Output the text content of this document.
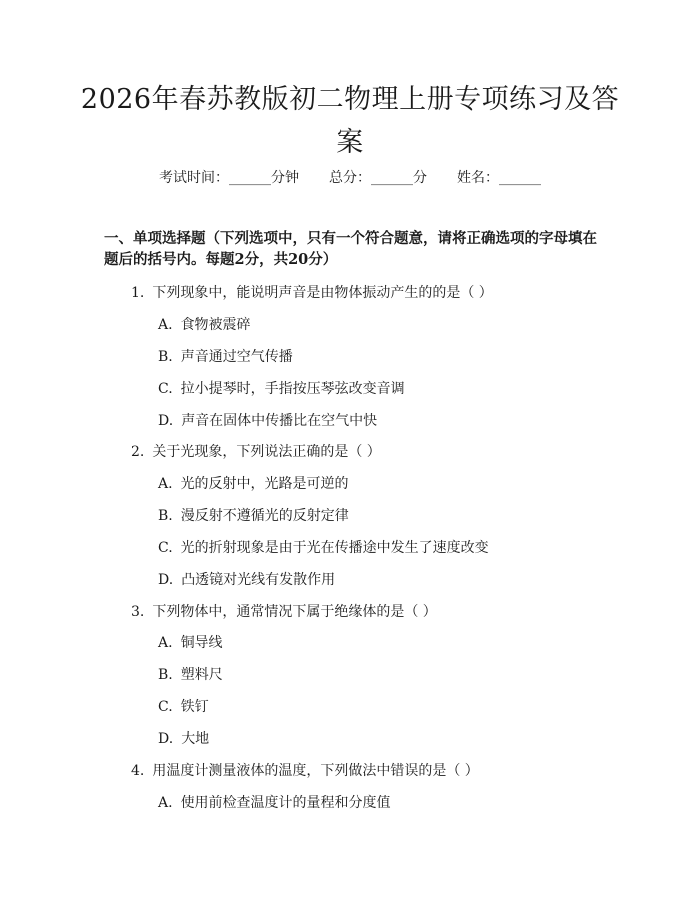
2026年春苏教版初二物理上册专项练习及答案
考试时间：______分钟 总分：______分 姓名：______

一、单项选择题（下列选项中，只有一个符合题意，请将正确选项的字母填在题后的括号内。每题2分，共20分）

1. 下列现象中，能说明声音是由物体振动产生的的是（ ）
A. 食物被震碎
B. 声音通过空气传播
C. 拉小提琴时，手指按压琴弦改变音调
D. 声音在固体中传播比在空气中快
2. 关于光现象，下列说法正确的是（ ）
A. 光的反射中，光路是可逆的
B. 漫反射不遵循光的反射定律
C. 光的折射现象是由于光在传播途中发生了速度改变
D. 凸透镜对光线有发散作用
3. 下列物体中，通常情况下属于绝缘体的是（ ）
A. 铜导线
B. 塑料尺
C. 铁钉
D. 大地
4. 用温度计测量液体的温度，下列做法中错误的是（ ）
A. 使用前检查温度计的量程和分度值
